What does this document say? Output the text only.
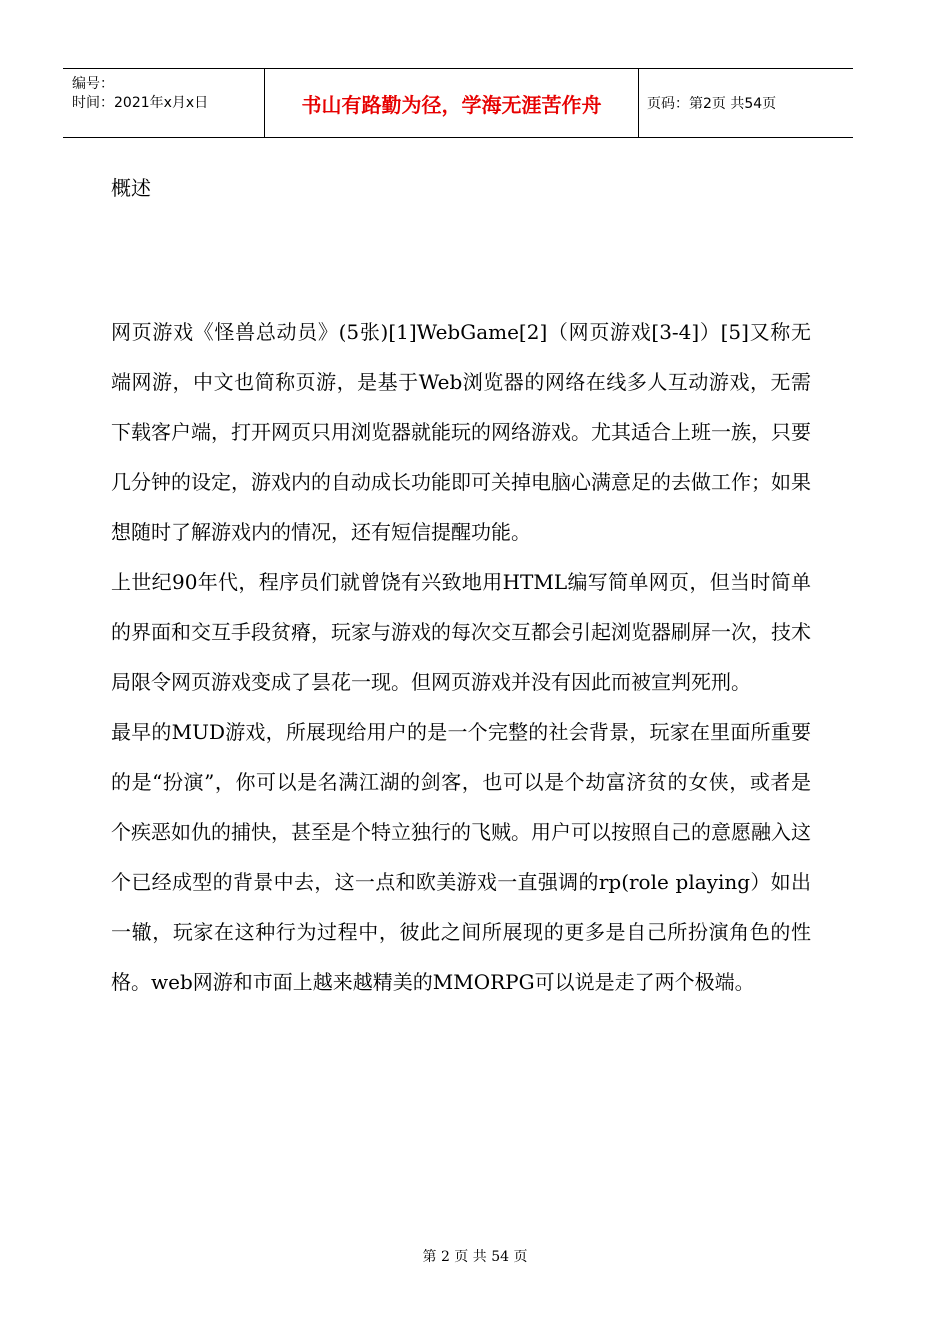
编号：
时间：2021年x月x日	书山有路勤为径，学海无涯苦作舟	页码：第2页 共54页
概述

网页游戏《怪兽总动员》(5张)[1]WebGame[2]（网页游戏[3-4]）[5]又称无端网游，中文也简称页游，是基于Web浏览器的网络在线多人互动游戏，无需下载客户端，打开网页只用浏览器就能玩的网络游戏。尤其适合上班一族，只要几分钟的设定，游戏内的自动成长功能即可关掉电脑心满意足的去做工作；如果想随时了解游戏内的情况，还有短信提醒功能。

上世纪90年代，程序员们就曾饶有兴致地用HTML编写简单网页，但当时简单的界面和交互手段贫瘠，玩家与游戏的每次交互都会引起浏览器刷屏一次，技术局限令网页游戏变成了昙花一现。但网页游戏并没有因此而被宣判死刑。

最早的MUD游戏，所展现给用户的是一个完整的社会背景，玩家在里面所重要的是“扮演”，你可以是名满江湖的剑客，也可以是个劫富济贫的女侠，或者是个疾恶如仇的捕快，甚至是个特立独行的飞贼。用户可以按照自己的意愿融入这个已经成型的背景中去，这一点和欧美游戏一直强调的rp(role playing）如出一辙，玩家在这种行为过程中，彼此之间所展现的更多是自己所扮演角色的性格。web网游和市面上越来越精美的MMORPG可以说是走了两个极端。

第 2 页 共 54 页
